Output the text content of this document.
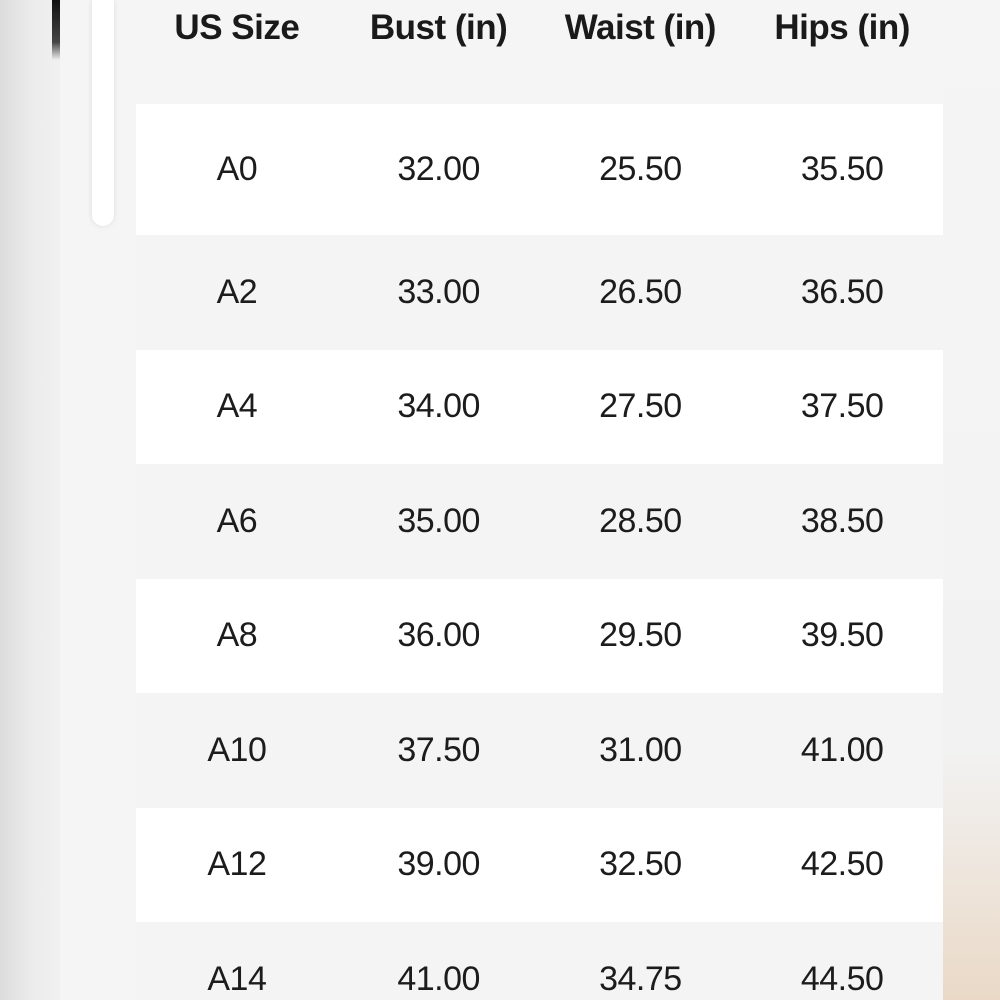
US Size	Bust (in)	Waist (in)	Hips (in)
A0	32.00	25.50	35.50
A2	33.00	26.50	36.50
A4	34.00	27.50	37.50
A6	35.00	28.50	38.50
A8	36.00	29.50	39.50
A10	37.50	31.00	41.00
A12	39.00	32.50	42.50
A14	41.00	34.75	44.50
